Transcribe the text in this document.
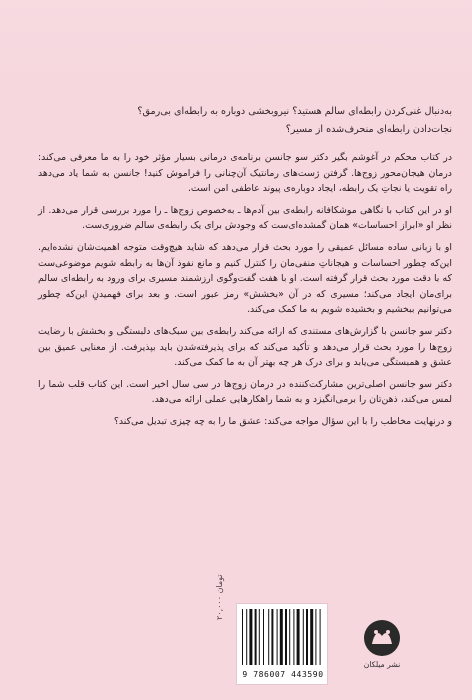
به‌دنبال غنی‌کردن رابطه‌ای سالم هستید؟ نیروبخشی دوباره به رابطه‌ای بی‌رمق؟

نجات‌دادن رابطه‌ای منحرف‌شده از مسیر؟

در کتاب محکم در آغوشم بگیر دکتر سو جانسن برنامه‌ی درمانی بسیار مؤثر خود را به ما معرفی می‌کند: درمان هیجان‌محور زوج‌ها. گرفتن ژست‌های رمانتیک آن‌چنانی را فراموش کنید! جانسن به شما یاد می‌دهد راه تقویت یا نجاتِ یک رابطه، ایجاد دوباره‌ی پیوند عاطفی امن است.

او در این کتاب با نگاهی موشکافانه رابطه‌ی بین آدم‌ها ـ به‌خصوص زوج‌ها ـ را مورد بررسی قرار می‌دهد. از نظر او «ابراز احساسات» همان گمشده‌ای‌ست که وجودش برای یک رابطه‌ی سالم ضروری‌ست.

او با زبانی ساده مسائل عمیقی را مورد بحث قرار می‌دهد که شاید هیچ‌وقت متوجه اهمیت‌شان نشده‌ایم. این‌که چطور احساسات و هیجاناتِ منفی‌مان را کنترل کنیم و مانع نفوذ آن‌ها به رابطه شویم موضوعی‌ست که با دقت مورد بحث قرار گرفته است. او با هفت گفت‌وگوی ارزشمند مسیری برای ورود به رابطه‌ای سالم برای‌مان ایجاد می‌کند؛ مسیری که در آن «بخشش» رمز عبور است. و بعد برای فهمیدنِ این‌که چطور می‌توانیم ببخشیم و بخشیده شویم به ما کمک می‌کند.

دکتر سو جانسن با گزارش‌های مستندی که ارائه می‌کند رابطه‌ی بین سبک‌های دلبستگی و بخشش با رضایت زوج‌ها را مورد بحث قرار می‌دهد و تأکید می‌کند که برای پذیرفته‌شدن باید بپذیرفت. از معنایی عمیق بین عشق و همبستگی می‌یابد و برای درک هر چه بهتر آن به ما کمک می‌کند.

دکتر سو جانسن اصلی‌ترین مشارکت‌کننده در درمان زوج‌ها در سی سال اخیر است. این کتاب قلب شما را لمس می‌کند، ذهن‌تان را برمی‌انگیزد و به شما راهکارهایی عملی ارائه می‌دهد.

و درنهایت مخاطب را با این سؤال مواجه می‌کند: عشق ما را به چه چیزی تبدیل می‌کند؟

۲۰,۰۰۰ تومان
9 786007 443590
نشر میلکان
